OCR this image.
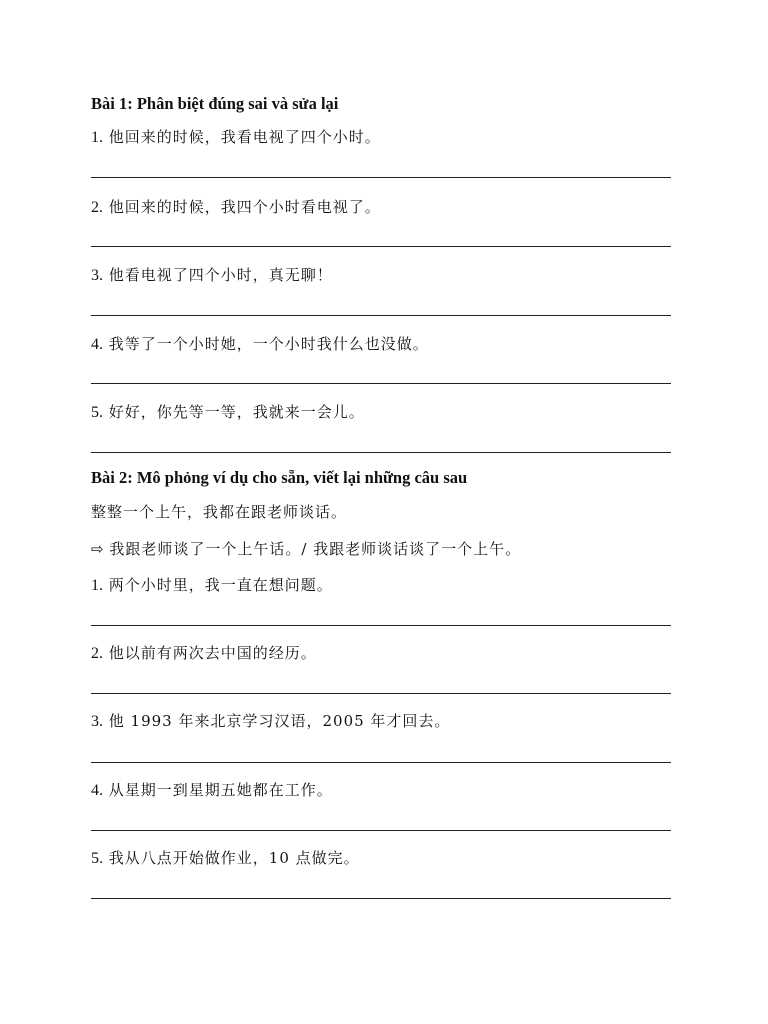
Bài 1: Phân biệt đúng sai và sửa lại
1. 他回来的时候，我看电视了四个小时。
2. 他回来的时候，我四个小时看电视了。
3. 他看电视了四个小时，真无聊！
4. 我等了一个小时她，一个小时我什么也没做。
5. 好好，你先等一等，我就来一会儿。
Bài 2: Mô phỏng ví dụ cho sẵn, viết lại những câu sau
整整一个上午，我都在跟老师谈话。
⇨ 我跟老师谈了一个上午话。/ 我跟老师谈话谈了一个上午。
1. 两个小时里，我一直在想问题。
2. 他以前有两次去中国的经历。
3. 他 1993 年来北京学习汉语，2005 年才回去。
4. 从星期一到星期五她都在工作。
5. 我从八点开始做作业，10 点做完。
